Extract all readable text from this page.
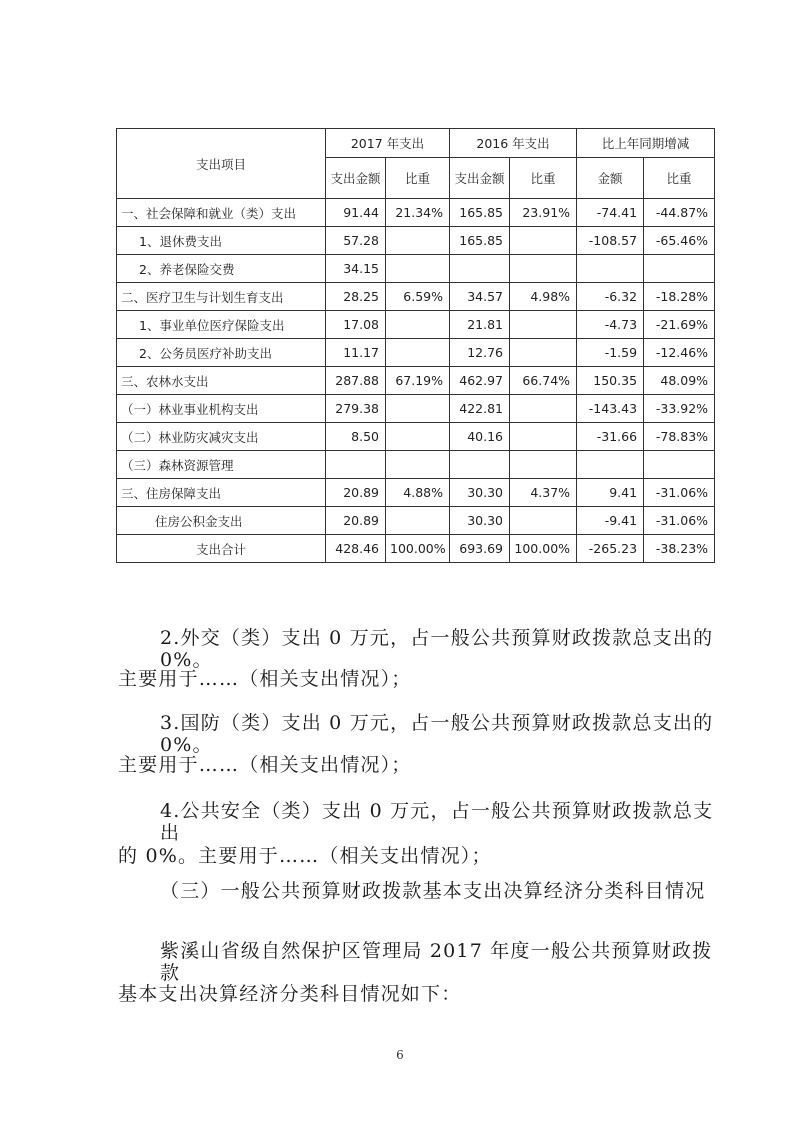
支出项目	2017 年支出		2016 年支出		比上年同期增减	
	支出金额	比重	支出金额	比重	金额	比重
一、社会保障和就业（类）支出	91.44	21.34%	165.85	23.91%	-74.41	-44.87%
1、退休费支出	57.28		165.85		-108.57	-65.46%
2、养老保险交费	34.15					
二、医疗卫生与计划生育支出	28.25	6.59%	34.57	4.98%	-6.32	-18.28%
1、事业单位医疗保险支出	17.08		21.81		-4.73	-21.69%
2、公务员医疗补助支出	11.17		12.76		-1.59	-12.46%
三、农林水支出	287.88	67.19%	462.97	66.74%	150.35	48.09%
（一）林业事业机构支出	279.38		422.81		-143.43	-33.92%
（二）林业防灾减灾支出	8.50		40.16		-31.66	-78.83%
（三）森林资源管理						
三、住房保障支出	20.89	4.88%	30.30	4.37%	9.41	-31.06%
住房公积金支出	20.89		30.30		-9.41	-31.06%
支出合计	428.46	100.00%	693.69	100.00%	-265.23	-38.23%

2.外交（类）支出 0 万元，占一般公共预算财政拨款总支出的 0%。

主要用于……（相关支出情况）；

3.国防（类）支出 0 万元，占一般公共预算财政拨款总支出的 0%。

主要用于……（相关支出情况）；

4.公共安全（类）支出 0 万元，占一般公共预算财政拨款总支出

的 0%。主要用于……（相关支出情况）；

（三）一般公共预算财政拨款基本支出决算经济分类科目情况

紫溪山省级自然保护区管理局 2017 年度一般公共预算财政拨款

基本支出决算经济分类科目情况如下：

6
